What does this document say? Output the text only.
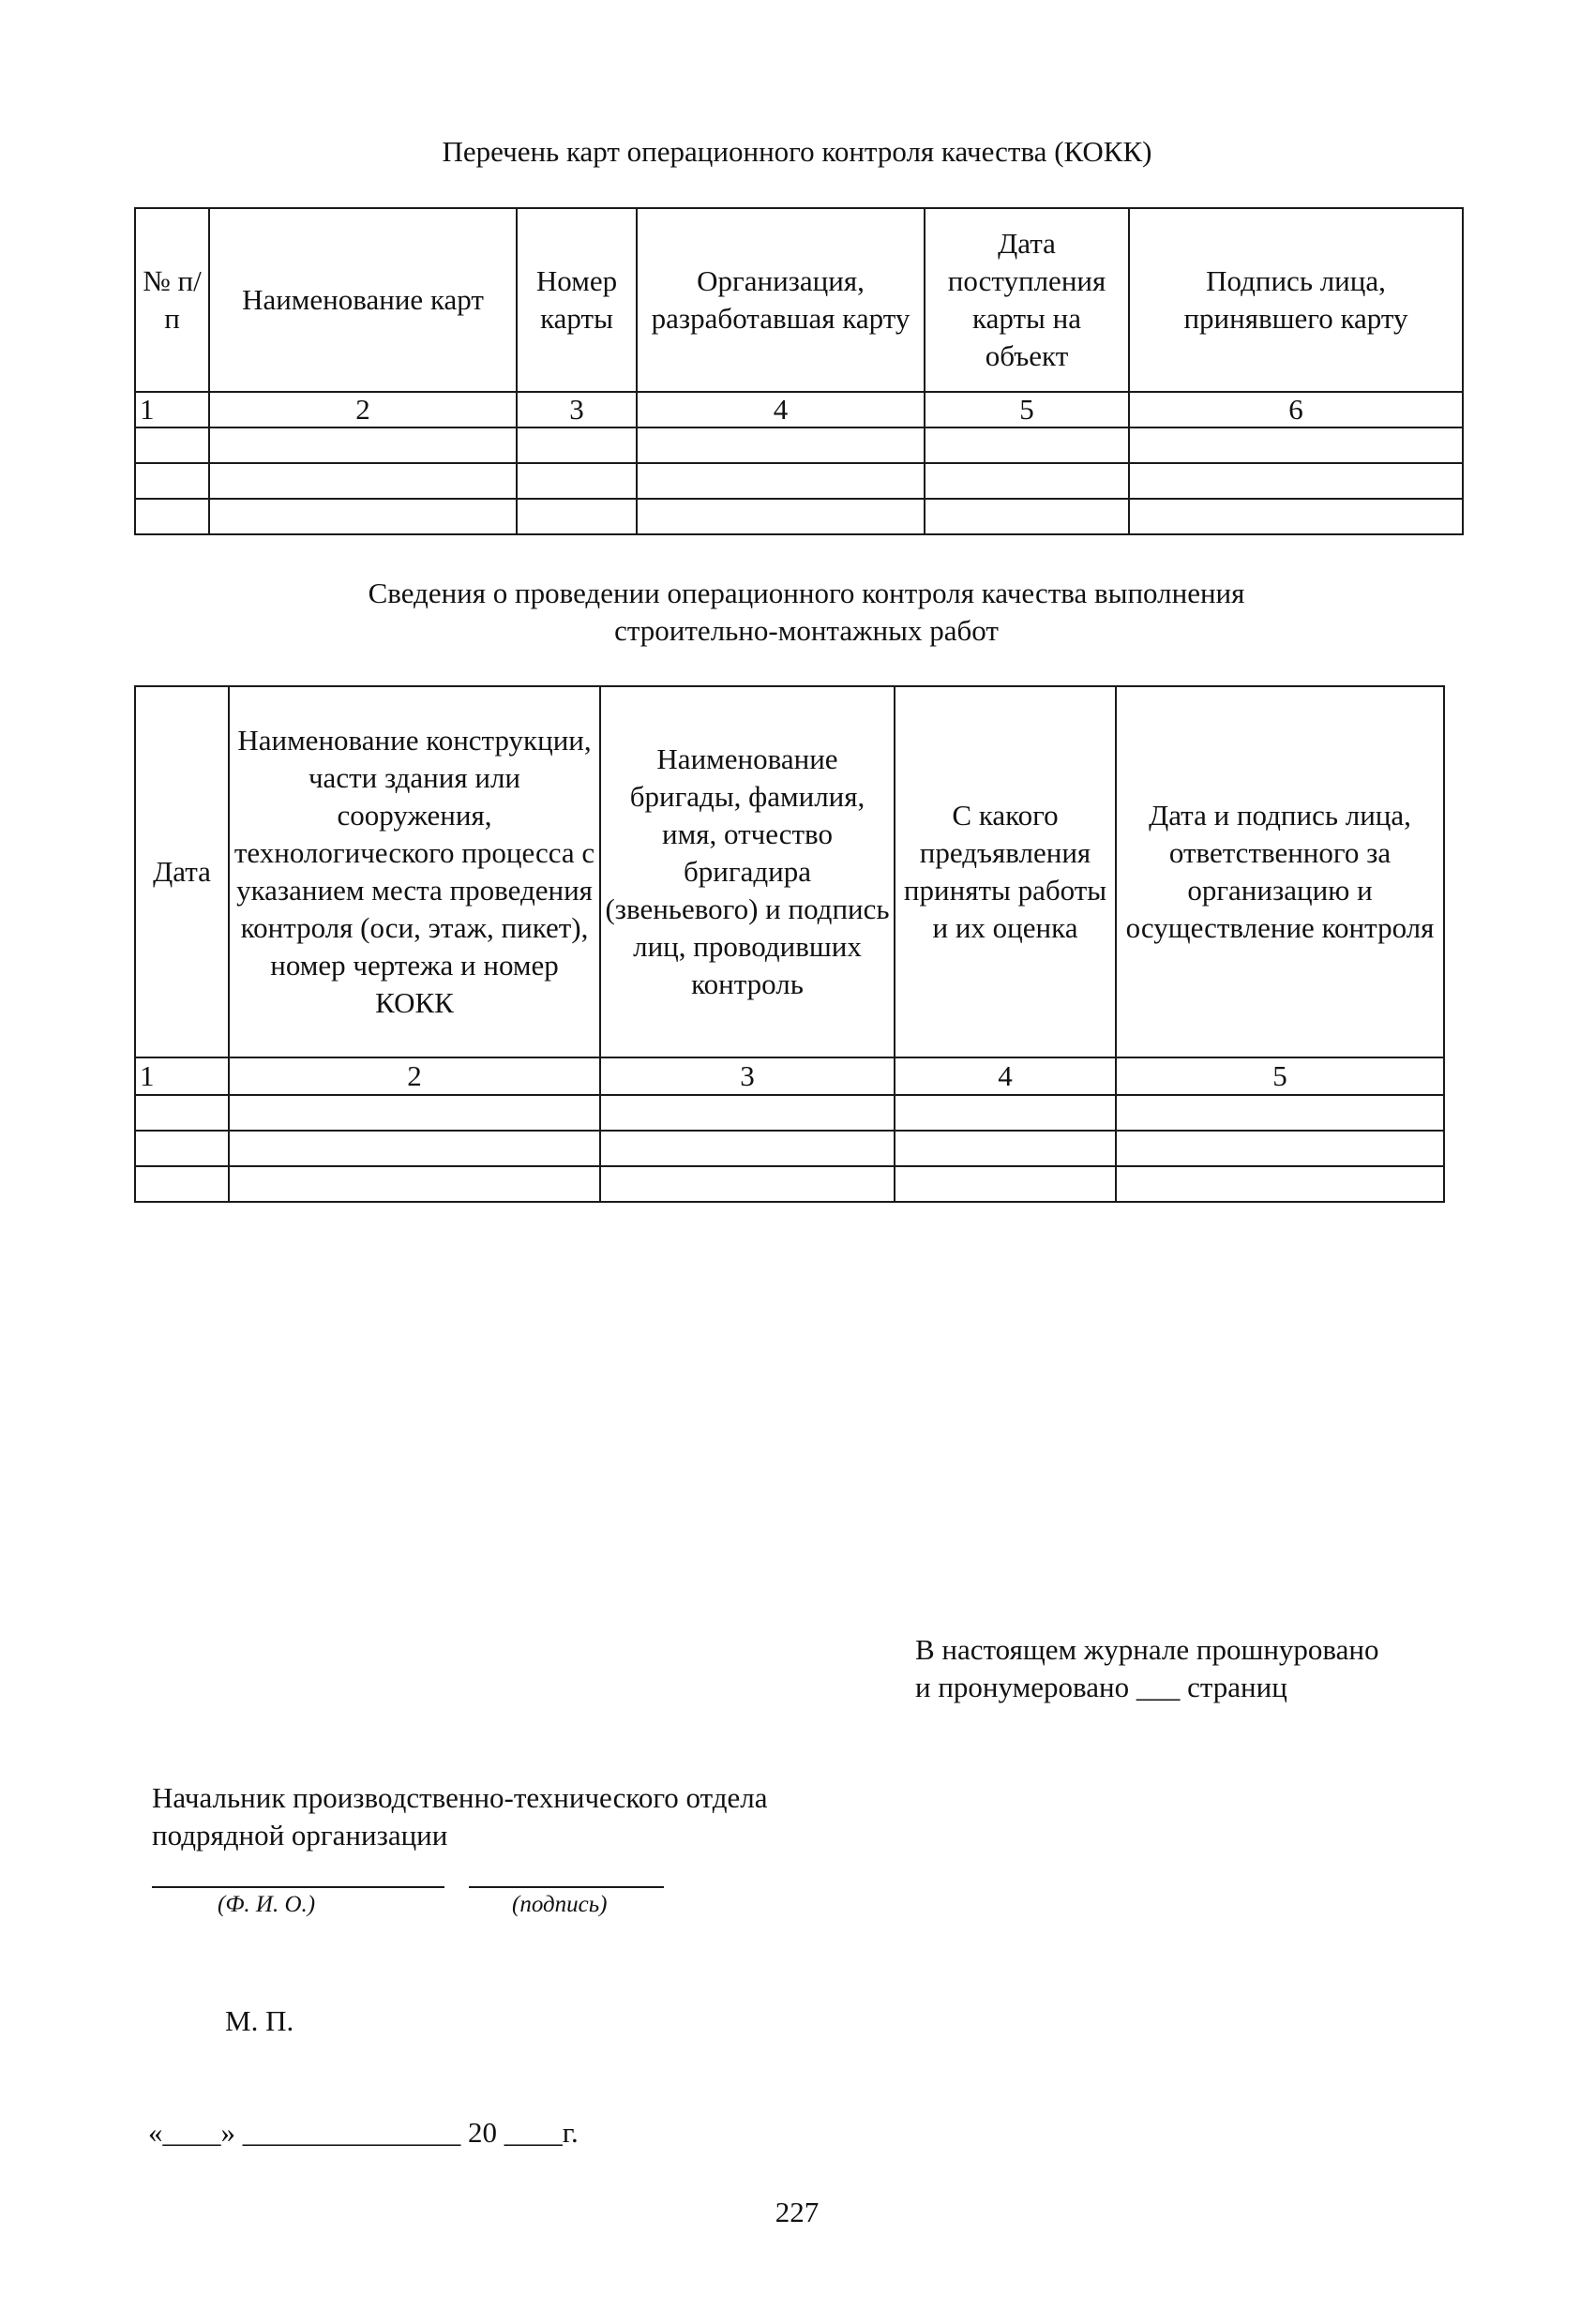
Перечень карт операционного контроля качества (КОКК)
№ п/п	Наименование карт	Номер карты	Организация, разработавшая карту	Дата поступления карты на объект	Подпись лица, принявшего карту
1	2	3	4	5	6

Сведения о проведении операционного контроля качества выполнения
строительно-монтажных работ
Дата	Наименование конструкции, части здания или сооружения, технологического процесса с указанием места проведения контроля (оси, этаж, пикет), номер чертежа и номер КОКК	Наименование бригады, фамилия, имя, отчество бригадира (звеньевого) и подпись лиц, проводивших контроль	С какого предъявления приняты работы и их оценка	Дата и подпись лица, ответственного за организацию и осуществление контроля
1	2	3	4	5

В настоящем журнале прошнуровано
и пронумеровано ___ страниц
Начальник производственно-технического отдела
подрядной организации
(Ф. И. О.)	(подпись)
М. П.
«____» _______________ 20 ____г.
227
